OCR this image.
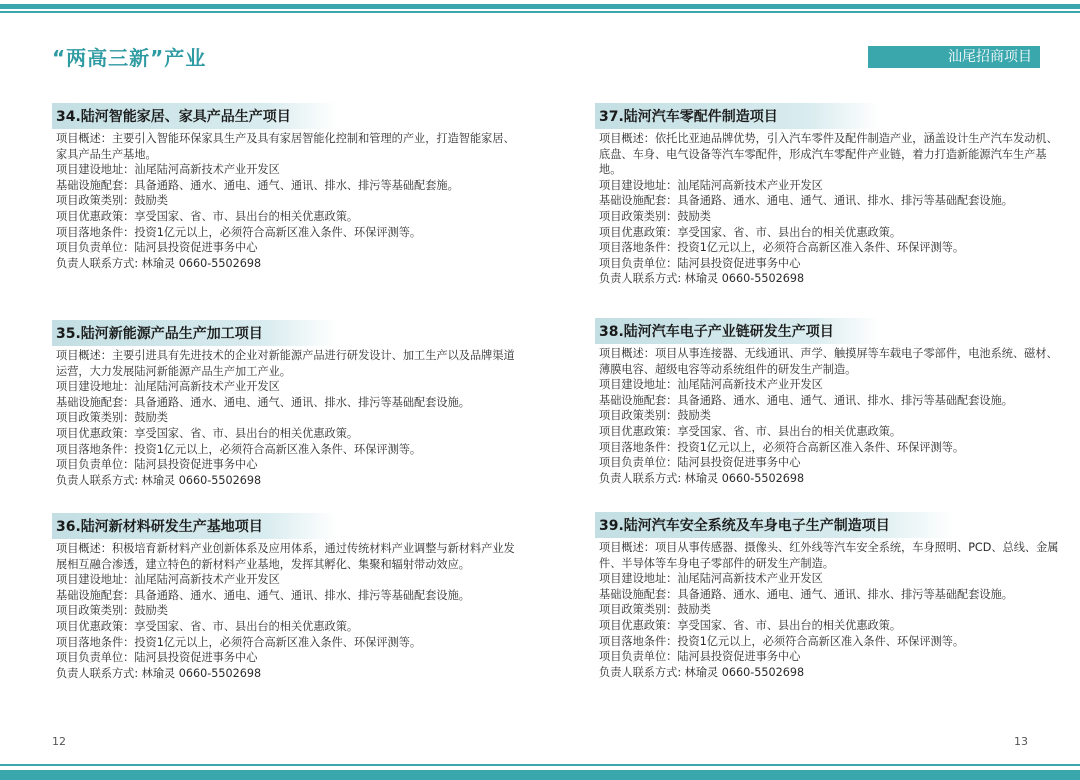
“两高三新”产业	汕尾招商项目
34.陆河智能家居、家具产品生产项目
项目概述：主要引入智能环保家具生产及具有家居智能化控制和管理的产业，打造智能家居、家具产品生产基地。
项目建设地址：汕尾陆河高新技术产业开发区
基础设施配套：具备通路、通水、通电、通气、通讯、排水、排污等基础配套施。
项目政策类别：鼓励类
项目优惠政策：享受国家、省、市、县出台的相关优惠政策。
项目落地条件：投资1亿元以上，必须符合高新区准入条件、环保评测等。
项目负责单位：陆河县投资促进事务中心
负责人联系方式: 林瑜灵 0660-5502698
35.陆河新能源产品生产加工项目
项目概述：主要引进具有先进技术的企业对新能源产品进行研发设计、加工生产以及品牌渠道运营，大力发展陆河新能源产品生产加工产业。
项目建设地址：汕尾陆河高新技术产业开发区
基础设施配套：具备通路、通水、通电、通气、通讯、排水、排污等基础配套设施。
项目政策类别：鼓励类
项目优惠政策：享受国家、省、市、县出台的相关优惠政策。
项目落地条件：投资1亿元以上，必须符合高新区准入条件、环保评测等。
项目负责单位：陆河县投资促进事务中心
负责人联系方式: 林瑜灵 0660-5502698
36.陆河新材料研发生产基地项目
项目概述：积极培育新材料产业创新体系及应用体系，通过传统材料产业调整与新材料产业发展相互融合渗透，建立特色的新材料产业基地，发挥其孵化、集聚和辐射带动效应。
项目建设地址：汕尾陆河高新技术产业开发区
基础设施配套：具备通路、通水、通电、通气、通讯、排水、排污等基础配套设施。
项目政策类别：鼓励类
项目优惠政策：享受国家、省、市、县出台的相关优惠政策。
项目落地条件：投资1亿元以上，必须符合高新区准入条件、环保评测等。
项目负责单位：陆河县投资促进事务中心
负责人联系方式: 林瑜灵 0660-5502698
37.陆河汽车零配件制造项目
项目概述：依托比亚迪品牌优势，引入汽车零件及配件制造产业，涵盖设计生产汽车发动机、底盘、车身、电气设备等汽车零配件，形成汽车零配件产业链，着力打造新能源汽车生产基地。
项目建设地址：汕尾陆河高新技术产业开发区
基础设施配套：具备通路、通水、通电、通气、通讯、排水、排污等基础配套设施。
项目政策类别：鼓励类
项目优惠政策：享受国家、省、市、县出台的相关优惠政策。
项目落地条件：投资1亿元以上，必须符合高新区准入条件、环保评测等。
项目负责单位：陆河县投资促进事务中心
负责人联系方式: 林瑜灵 0660-5502698
38.陆河汽车电子产业链研发生产项目
项目概述：项目从事连接器、无线通讯、声学、触摸屏等车载电子零部件，电池系统、磁材、薄膜电容、超级电容等动系统组件的研发生产制造。
项目建设地址：汕尾陆河高新技术产业开发区
基础设施配套：具备通路、通水、通电、通气、通讯、排水、排污等基础配套设施。
项目政策类别：鼓励类
项目优惠政策：享受国家、省、市、县出台的相关优惠政策。
项目落地条件：投资1亿元以上，必须符合高新区准入条件、环保评测等。
项目负责单位：陆河县投资促进事务中心
负责人联系方式: 林瑜灵 0660-5502698
39.陆河汽车安全系统及车身电子生产制造项目
项目概述：项目从事传感器、摄像头、红外线等汽车安全系统，车身照明、PCD、总线、金属件、半导体等车身电子零部件的研发生产制造。
项目建设地址：汕尾陆河高新技术产业开发区
基础设施配套：具备通路、通水、通电、通气、通讯、排水、排污等基础配套设施。
项目政策类别：鼓励类
项目优惠政策：享受国家、省、市、县出台的相关优惠政策。
项目落地条件：投资1亿元以上，必须符合高新区准入条件、环保评测等。
项目负责单位：陆河县投资促进事务中心
负责人联系方式: 林瑜灵 0660-5502698
12	13
